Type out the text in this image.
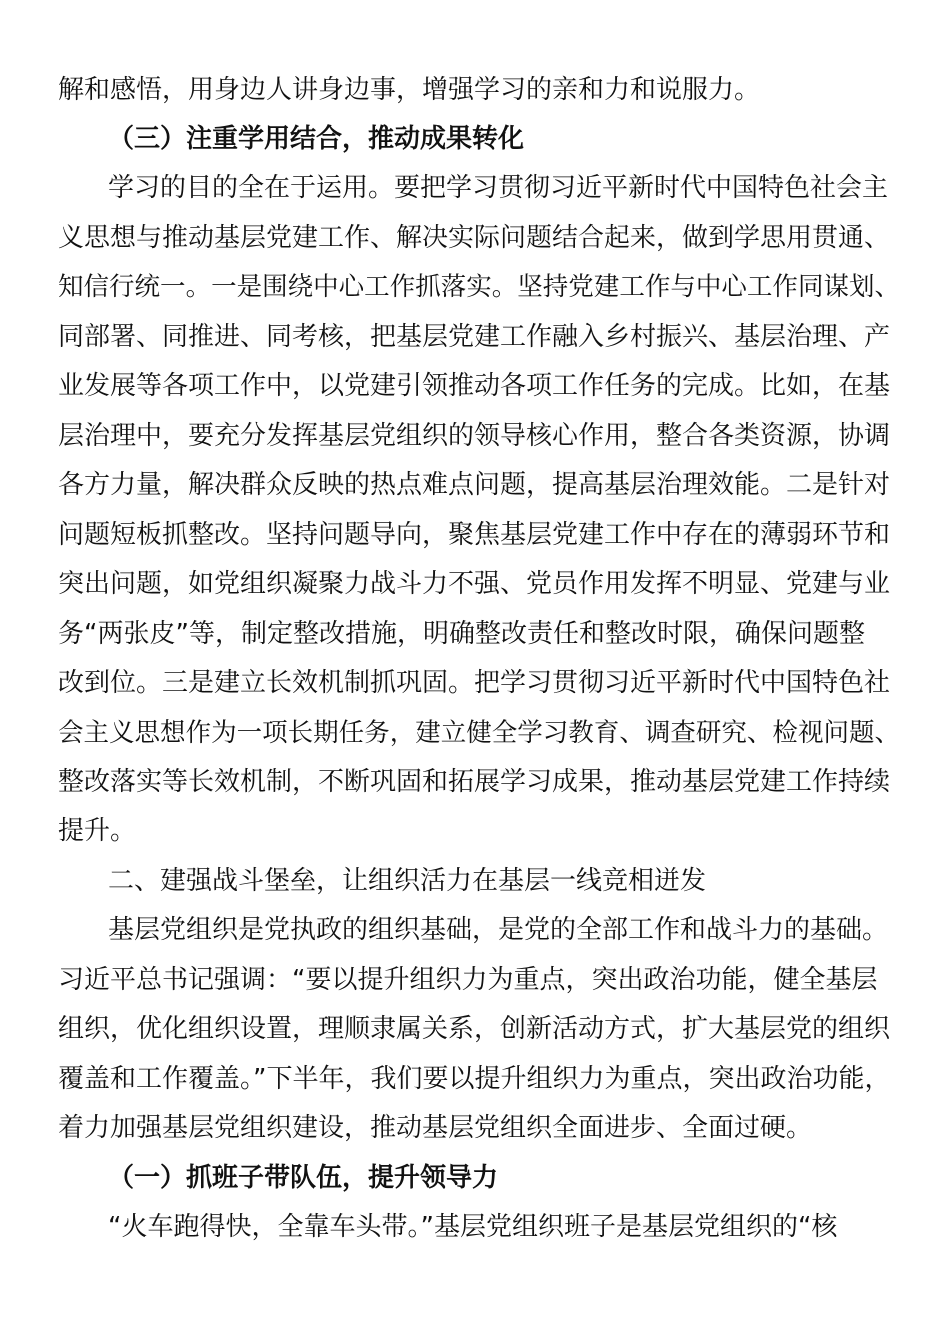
解和感悟，用身边人讲身边事，增强学习的亲和力和说服力。
（三）注重学用结合，推动成果转化
学习的目的全在于运用。要把学习贯彻习近平新时代中国特色社会主
义思想与推动基层党建工作、解决实际问题结合起来，做到学思用贯通、
知信行统一。一是围绕中心工作抓落实。坚持党建工作与中心工作同谋划、
同部署、同推进、同考核，把基层党建工作融入乡村振兴、基层治理、产
业发展等各项工作中，以党建引领推动各项工作任务的完成。比如，在基
层治理中，要充分发挥基层党组织的领导核心作用，整合各类资源，协调
各方力量，解决群众反映的热点难点问题，提高基层治理效能。二是针对
问题短板抓整改。坚持问题导向，聚焦基层党建工作中存在的薄弱环节和
突出问题，如党组织凝聚力战斗力不强、党员作用发挥不明显、党建与业
务“两张皮”等，制定整改措施，明确整改责任和整改时限，确保问题整
改到位。三是建立长效机制抓巩固。把学习贯彻习近平新时代中国特色社
会主义思想作为一项长期任务，建立健全学习教育、调查研究、检视问题、
整改落实等长效机制，不断巩固和拓展学习成果，推动基层党建工作持续
提升。
二、建强战斗堡垒，让组织活力在基层一线竞相迸发
基层党组织是党执政的组织基础，是党的全部工作和战斗力的基础。
习近平总书记强调：“要以提升组织力为重点，突出政治功能，健全基层
组织，优化组织设置，理顺隶属关系，创新活动方式，扩大基层党的组织
覆盖和工作覆盖。”下半年，我们要以提升组织力为重点，突出政治功能，
着力加强基层党组织建设，推动基层党组织全面进步、全面过硬。
（一）抓班子带队伍，提升领导力
“火车跑得快，全靠车头带。”基层党组织班子是基层党组织的“核
